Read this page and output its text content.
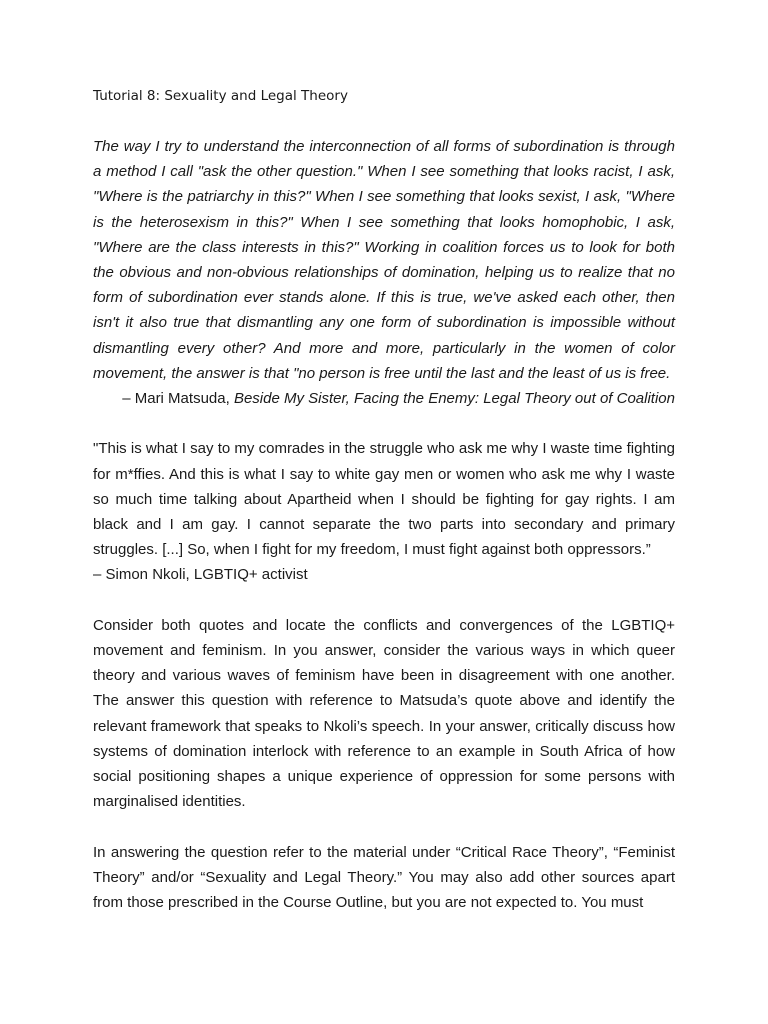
Tutorial 8: Sexuality and Legal Theory

The way I try to understand the interconnection of all forms of subordination is through a method I call "ask the other question." When I see something that looks racist, I ask, "Where is the patriarchy in this?" When I see something that looks sexist, I ask, "Where is the heterosexism in this?" When I see something that looks homophobic, I ask, "Where are the class interests in this?" Working in coalition forces us to look for both the obvious and non-obvious relationships of domination, helping us to realize that no form of subordination ever stands alone. If this is true, we've asked each other, then isn't it also true that dismantling any one form of subordination is impossible without dismantling every other? And more and more, particularly in the women of color movement, the answer is that "no person is free until the last and the least of us is free.

– Mari Matsuda, Beside My Sister, Facing the Enemy: Legal Theory out of Coalition

"This is what I say to my comrades in the struggle who ask me why I waste time fighting for m*ffies. And this is what I say to white gay men or women who ask me why I waste so much time talking about Apartheid when I should be fighting for gay rights. I am black and I am gay. I cannot separate the two parts into secondary and primary struggles. [...] So, when I fight for my freedom, I must fight against both oppressors.”
– Simon Nkoli, LGBTIQ+ activist

Consider both quotes and locate the conflicts and convergences of the LGBTIQ+ movement and feminism. In you answer, consider the various ways in which queer theory and various waves of feminism have been in disagreement with one another. The answer this question with reference to Matsuda’s quote above and identify the relevant framework that speaks to Nkoli’s speech. In your answer, critically discuss how systems of domination interlock with reference to an example in South Africa of how social positioning shapes a unique experience of oppression for some persons with marginalised identities.

In answering the question refer to the material under “Critical Race Theory”, “Feminist Theory” and/or “Sexuality and Legal Theory.” You may also add other sources apart from those prescribed in the Course Outline, but you are not expected to. You must
